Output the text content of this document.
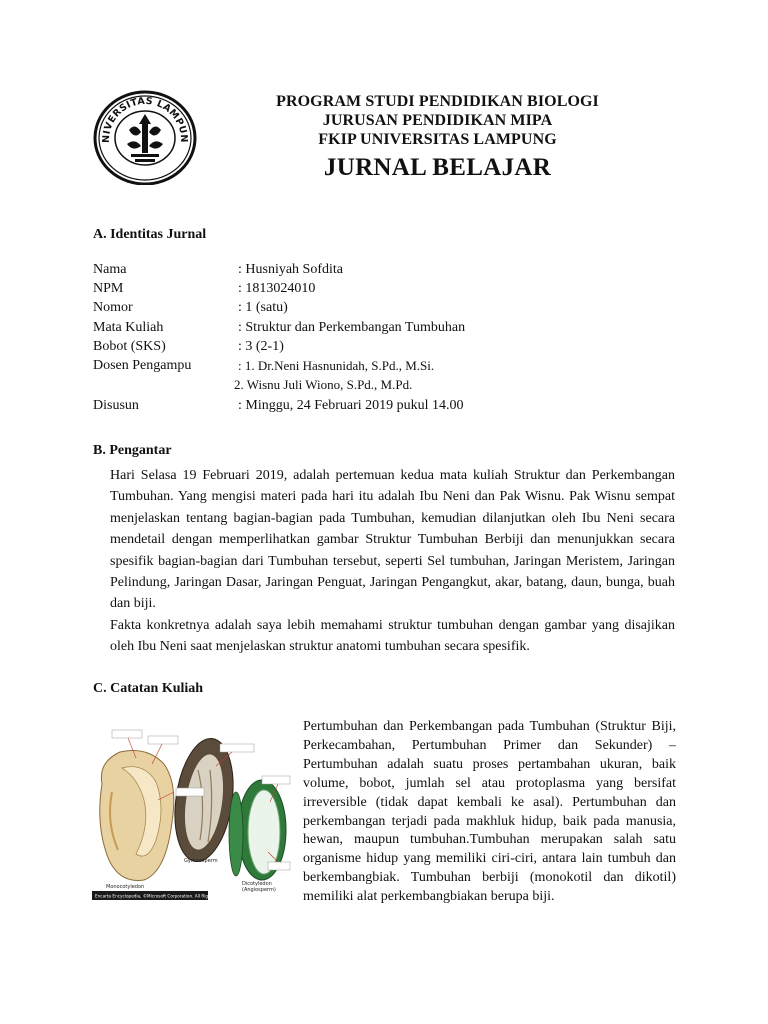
NIVERSITAS LAMPUN
PROGRAM STUDI PENDIDIKAN BIOLOGI
JURUSAN PENDIDIKAN MIPA
FKIP UNIVERSITAS LAMPUNG
JURNAL BELAJAR
A. Identitas Jurnal
Nama	: Husniyah Sofdita
NPM	: 1813024010
Nomor	: 1 (satu)
Mata Kuliah	: Struktur dan Perkembangan Tumbuhan
Bobot (SKS)	: 3 (2-1)
Dosen Pengampu	: 1. Dr.Neni Hasnunidah, S.Pd., M.Si.
2. Wisnu Juli Wiono, S.Pd., M.Pd.
Disusun	: Minggu, 24 Februari 2019 pukul 14.00
B. Pengantar

Hari Selasa 19 Februari 2019, adalah pertemuan kedua mata kuliah Struktur dan Perkembangan Tumbuhan. Yang mengisi materi pada hari itu adalah Ibu Neni dan Pak Wisnu. Pak Wisnu sempat menjelaskan tentang bagian-bagian pada Tumbuhan, kemudian dilanjutkan oleh Ibu Neni secara mendetail dengan memperlihatkan gambar Struktur Tumbuhan Berbiji dan menunjukkan secara spesifik bagian-bagian dari Tumbuhan tersebut, seperti Sel tumbuhan, Jaringan Meristem, Jaringan Pelindung, Jaringan Dasar, Jaringan Penguat, Jaringan Pengangkut, akar, batang, daun, bunga, buah dan biji.

Fakta konkretnya adalah saya lebih memahami struktur tumbuhan dengan gambar yang disajikan oleh Ibu Neni saat menjelaskan struktur anatomi tumbuhan secara spesifik.

C. Catatan Kuliah
Monocotyledon
Gymnosperm
Dicotyledon
(Angiosperm)
Encarta Encyclopedia, ©Microsoft Corporation. All Rights Reserved.
Pertumbuhan dan Perkembangan pada Tumbuhan (Struktur Biji, Perkecambahan, Pertumbuhan Primer dan Sekunder) – Pertumbuhan adalah suatu proses pertambahan ukuran, baik volume, bobot, jumlah sel atau protoplasma yang bersifat irreversible (tidak dapat kembali ke asal). Pertumbuhan dan perkembangan terjadi pada makhluk hidup, baik pada manusia, hewan, maupun tumbuhan.Tumbuhan merupakan salah satu organisme hidup yang memiliki ciri-ciri, antara lain tumbuh dan berkembangbiak. Tumbuhan berbiji (monokotil dan dikotil) memiliki alat perkembangbiakan berupa biji.
